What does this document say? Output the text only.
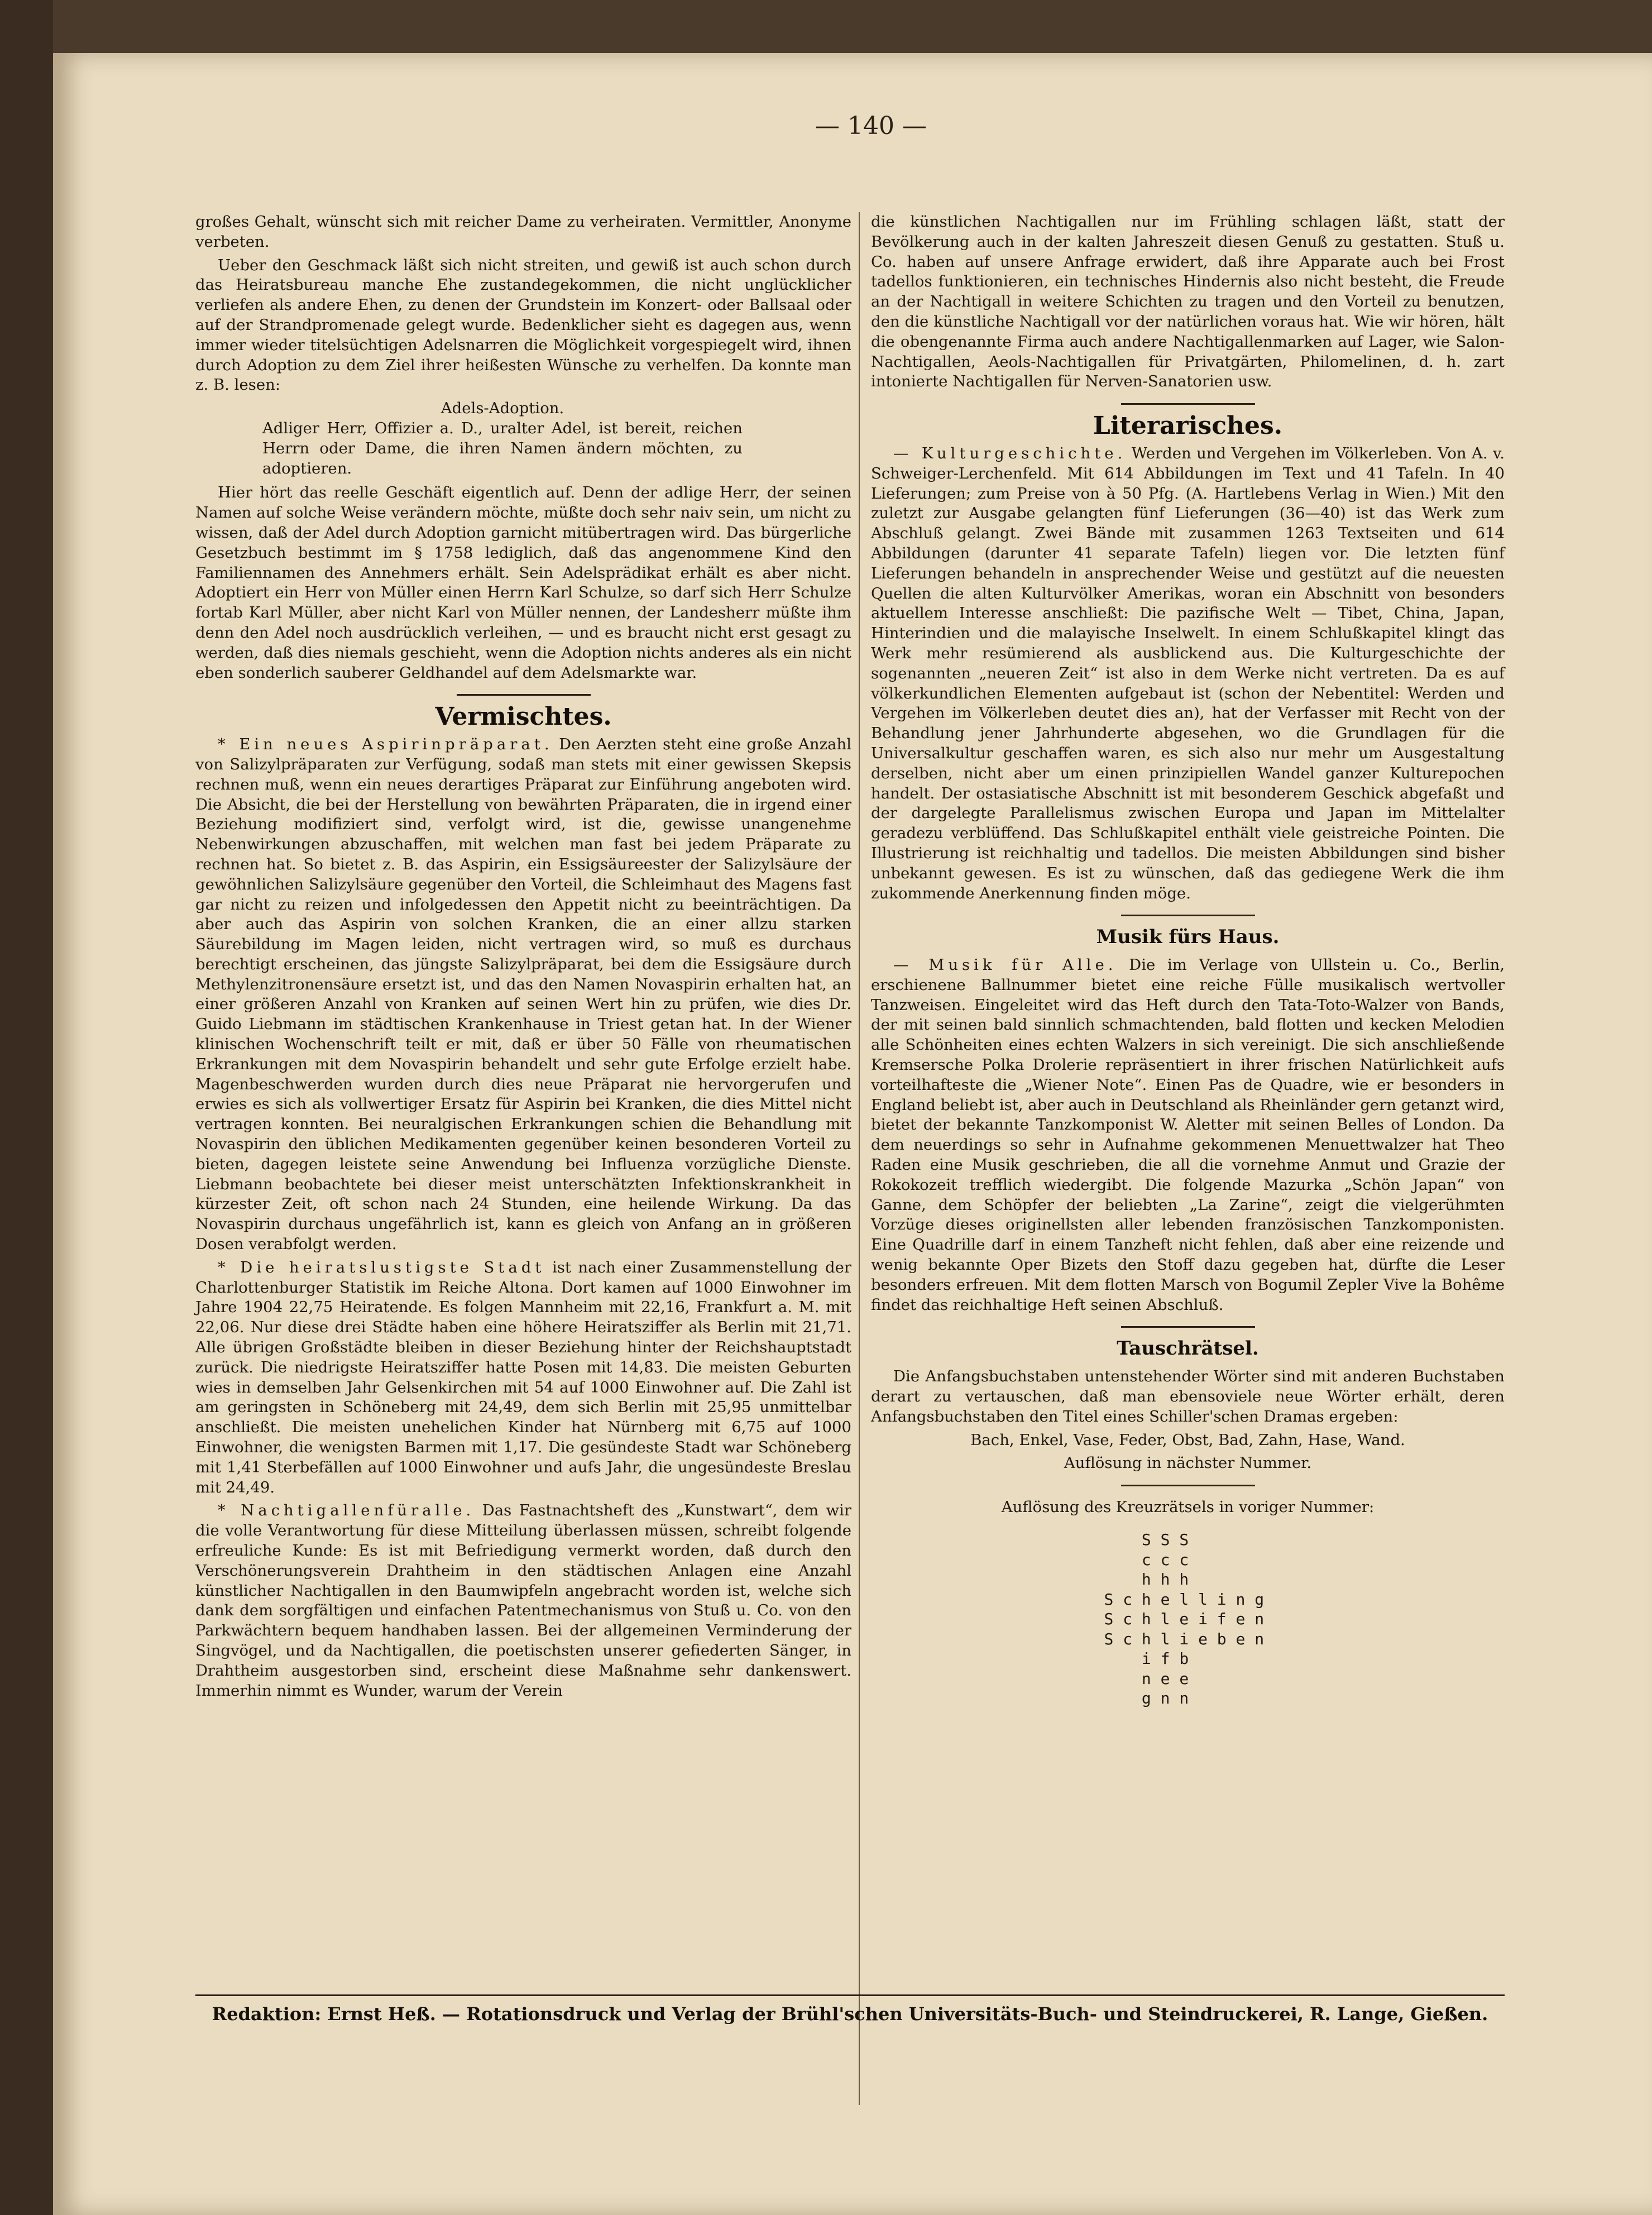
— 140 —

großes Gehalt, wünscht sich mit reicher Dame zu verheiraten. Vermittler, Anonyme verbeten.

Ueber den Geschmack läßt sich nicht streiten, und gewiß ist auch schon durch das Heiratsbureau manche Ehe zustandegekommen, die nicht unglücklicher verliefen als andere Ehen, zu denen der Grundstein im Konzert- oder Ballsaal oder auf der Strandpromenade gelegt wurde. Bedenklicher sieht es dagegen aus, wenn immer wieder titelsüchtigen Adelsnarren die Möglichkeit vorgespiegelt wird, ihnen durch Adoption zu dem Ziel ihrer heißesten Wünsche zu verhelfen. Da konnte man z. B. lesen:

Adels-Adoption.
Adliger Herr, Offizier a. D., uralter Adel, ist bereit, reichen Herrn oder Dame, die ihren Namen ändern möchten, zu adoptieren.

Hier hört das reelle Geschäft eigentlich auf. Denn der adlige Herr, der seinen Namen auf solche Weise verändern möchte, müßte doch sehr naiv sein, um nicht zu wissen, daß der Adel durch Adoption garnicht mitübertragen wird. Das bürgerliche Gesetzbuch bestimmt im § 1758 lediglich, daß das angenommene Kind den Familiennamen des Annehmers erhält. Sein Adelsprädikat erhält es aber nicht. Adoptiert ein Herr von Müller einen Herrn Karl Schulze, so darf sich Herr Schulze fortab Karl Müller, aber nicht Karl von Müller nennen, der Landesherr müßte ihm denn den Adel noch ausdrücklich verleihen, — und es braucht nicht erst gesagt zu werden, daß dies niemals geschieht, wenn die Adoption nichts anderes als ein nicht eben sonderlich sauberer Geldhandel auf dem Adelsmarkte war.

Vermischtes.

* Ein neues Aspirinpräparat. Den Aerzten steht eine große Anzahl von Salizylpräparaten zur Verfügung, sodaß man stets mit einer gewissen Skepsis rechnen muß, wenn ein neues derartiges Präparat zur Einführung angeboten wird. Die Absicht, die bei der Herstellung von bewährten Präparaten, die in irgend einer Beziehung modifiziert sind, verfolgt wird, ist die, gewisse unangenehme Nebenwirkungen abzuschaffen, mit welchen man fast bei jedem Präparate zu rechnen hat. So bietet z. B. das Aspirin, ein Essigsäureester der Salizylsäure der gewöhnlichen Salizylsäure gegenüber den Vorteil, die Schleimhaut des Magens fast gar nicht zu reizen und infolgedessen den Appetit nicht zu beeinträchtigen. Da aber auch das Aspirin von solchen Kranken, die an einer allzu starken Säurebildung im Magen leiden, nicht vertragen wird, so muß es durchaus berechtigt erscheinen, das jüngste Salizylpräparat, bei dem die Essigsäure durch Methylenzitronensäure ersetzt ist, und das den Namen Novaspirin erhalten hat, an einer größeren Anzahl von Kranken auf seinen Wert hin zu prüfen, wie dies Dr. Guido Liebmann im städtischen Krankenhause in Triest getan hat. In der Wiener klinischen Wochenschrift teilt er mit, daß er über 50 Fälle von rheumatischen Erkrankungen mit dem Novaspirin behandelt und sehr gute Erfolge erzielt habe. Magenbeschwerden wurden durch dies neue Präparat nie hervorgerufen und erwies es sich als vollwertiger Ersatz für Aspirin bei Kranken, die dies Mittel nicht vertragen konnten. Bei neuralgischen Erkrankungen schien die Behandlung mit Novaspirin den üblichen Medikamenten gegenüber keinen besonderen Vorteil zu bieten, dagegen leistete seine Anwendung bei Influenza vorzügliche Dienste. Liebmann beobachtete bei dieser meist unterschätzten Infektionskrankheit in kürzester Zeit, oft schon nach 24 Stunden, eine heilende Wirkung. Da das Novaspirin durchaus ungefährlich ist, kann es gleich von Anfang an in größeren Dosen verabfolgt werden.

* Die heiratslustigste Stadt ist nach einer Zusammenstellung der Charlottenburger Statistik im Reiche Altona. Dort kamen auf 1000 Einwohner im Jahre 1904 22,75 Heiratende. Es folgen Mannheim mit 22,16, Frankfurt a. M. mit 22,06. Nur diese drei Städte haben eine höhere Heiratsziffer als Berlin mit 21,71. Alle übrigen Großstädte bleiben in dieser Beziehung hinter der Reichshauptstadt zurück. Die niedrigste Heiratsziffer hatte Posen mit 14,83. Die meisten Geburten wies in demselben Jahr Gelsenkirchen mit 54 auf 1000 Einwohner auf. Die Zahl ist am geringsten in Schöneberg mit 24,49, dem sich Berlin mit 25,95 unmittelbar anschließt. Die meisten unehelichen Kinder hat Nürnberg mit 6,75 auf 1000 Einwohner, die wenigsten Barmen mit 1,17. Die gesündeste Stadt war Schöneberg mit 1,41 Sterbefällen auf 1000 Einwohner und aufs Jahr, die ungesündeste Breslau mit 24,49.

* Nachtigallenfüralle. Das Fastnachtsheft des „Kunstwart“, dem wir die volle Verantwortung für diese Mitteilung überlassen müssen, schreibt folgende erfreuliche Kunde: Es ist mit Befriedigung vermerkt worden, daß durch den Verschönerungsverein Drahtheim in den städtischen Anlagen eine Anzahl künstlicher Nachtigallen in den Baumwipfeln angebracht worden ist, welche sich dank dem sorgfältigen und einfachen Patentmechanismus von Stuß u. Co. von den Parkwächtern bequem handhaben lassen. Bei der allgemeinen Verminderung der Singvögel, und da Nachtigallen, die poetischsten unserer gefiederten Sänger, in Drahtheim ausgestorben sind, erscheint diese Maßnahme sehr dankenswert. Immerhin nimmt es Wunder, warum der Verein

die künstlichen Nachtigallen nur im Frühling schlagen läßt, statt der Bevölkerung auch in der kalten Jahreszeit diesen Genuß zu gestatten. Stuß u. Co. haben auf unsere Anfrage erwidert, daß ihre Apparate auch bei Frost tadellos funktionieren, ein technisches Hindernis also nicht besteht, die Freude an der Nachtigall in weitere Schichten zu tragen und den Vorteil zu benutzen, den die künstliche Nachtigall vor der natürlichen voraus hat. Wie wir hören, hält die obengenannte Firma auch andere Nachtigallenmarken auf Lager, wie Salon-Nachtigallen, Aeols-Nachtigallen für Privatgärten, Philomelinen, d. h. zart intonierte Nachtigallen für Nerven-Sanatorien usw.

Literarisches.

— Kulturgeschichte. Werden und Vergehen im Völkerleben. Von A. v. Schweiger-Lerchenfeld. Mit 614 Abbildungen im Text und 41 Tafeln. In 40 Lieferungen; zum Preise von à 50 Pfg. (A. Hartlebens Verlag in Wien.) Mit den zuletzt zur Ausgabe gelangten fünf Lieferungen (36—40) ist das Werk zum Abschluß gelangt. Zwei Bände mit zusammen 1263 Textseiten und 614 Abbildungen (darunter 41 separate Tafeln) liegen vor. Die letzten fünf Lieferungen behandeln in ansprechender Weise und gestützt auf die neuesten Quellen die alten Kulturvölker Amerikas, woran ein Abschnitt von besonders aktuellem Interesse anschließt: Die pazifische Welt — Tibet, China, Japan, Hinterindien und die malayische Inselwelt. In einem Schlußkapitel klingt das Werk mehr resümierend als ausblickend aus. Die Kulturgeschichte der sogenannten „neueren Zeit“ ist also in dem Werke nicht vertreten. Da es auf völkerkundlichen Elementen aufgebaut ist (schon der Nebentitel: Werden und Vergehen im Völkerleben deutet dies an), hat der Verfasser mit Recht von der Behandlung jener Jahrhunderte abgesehen, wo die Grundlagen für die Universalkultur geschaffen waren, es sich also nur mehr um Ausgestaltung derselben, nicht aber um einen prinzipiellen Wandel ganzer Kulturepochen handelt. Der ostasiatische Abschnitt ist mit besonderem Geschick abgefaßt und der dargelegte Parallelismus zwischen Europa und Japan im Mittelalter geradezu verblüffend. Das Schlußkapitel enthält viele geistreiche Pointen. Die Illustrierung ist reichhaltig und tadellos. Die meisten Abbildungen sind bisher unbekannt gewesen. Es ist zu wünschen, daß das gediegene Werk die ihm zukommende Anerkennung finden möge.

Musik fürs Haus.

— Musik für Alle. Die im Verlage von Ullstein u. Co., Berlin, erschienene Ballnummer bietet eine reiche Fülle musikalisch wertvoller Tanzweisen. Eingeleitet wird das Heft durch den Tata-Toto-Walzer von Bands, der mit seinen bald sinnlich schmachtenden, bald flotten und kecken Melodien alle Schönheiten eines echten Walzers in sich vereinigt. Die sich anschließende Kremsersche Polka Drolerie repräsentiert in ihrer frischen Natürlichkeit aufs vorteilhafteste die „Wiener Note“. Einen Pas de Quadre, wie er besonders in England beliebt ist, aber auch in Deutschland als Rheinländer gern getanzt wird, bietet der bekannte Tanzkomponist W. Aletter mit seinen Belles of London. Da dem neuerdings so sehr in Aufnahme gekommenen Menuettwalzer hat Theo Raden eine Musik geschrieben, die all die vornehme Anmut und Grazie der Rokokozeit trefflich wiedergibt. Die folgende Mazurka „Schön Japan“ von Ganne, dem Schöpfer der beliebten „La Zarine“, zeigt die vielgerühmten Vorzüge dieses originellsten aller lebenden französischen Tanzkomponisten. Eine Quadrille darf in einem Tanzheft nicht fehlen, daß aber eine reizende und wenig bekannte Oper Bizets den Stoff dazu gegeben hat, dürfte die Leser besonders erfreuen. Mit dem flotten Marsch von Bogumil Zepler Vive la Bohême findet das reichhaltige Heft seinen Abschluß.

Tauschrätsel.

Die Anfangsbuchstaben untenstehender Wörter sind mit anderen Buchstaben derart zu vertauschen, daß man ebensoviele neue Wörter erhält, deren Anfangsbuchstaben den Titel eines Schiller'schen Dramas ergeben:

Bach, Enkel, Vase, Feder, Obst, Bad, Zahn, Hase, Wand.

Auflösung in nächster Nummer.

Auflösung des Kreuzrätsels in voriger Nummer:

S S S
c c c
h h h
S c h e l l i n g
S c h l e i f e n
S c h l i e b e n
i f b
n e e
g n n
Redaktion: Ernst Heß. — Rotationsdruck und Verlag der Brühl'schen Universitäts-Buch- und Steindruckerei, R. Lange, Gießen.
